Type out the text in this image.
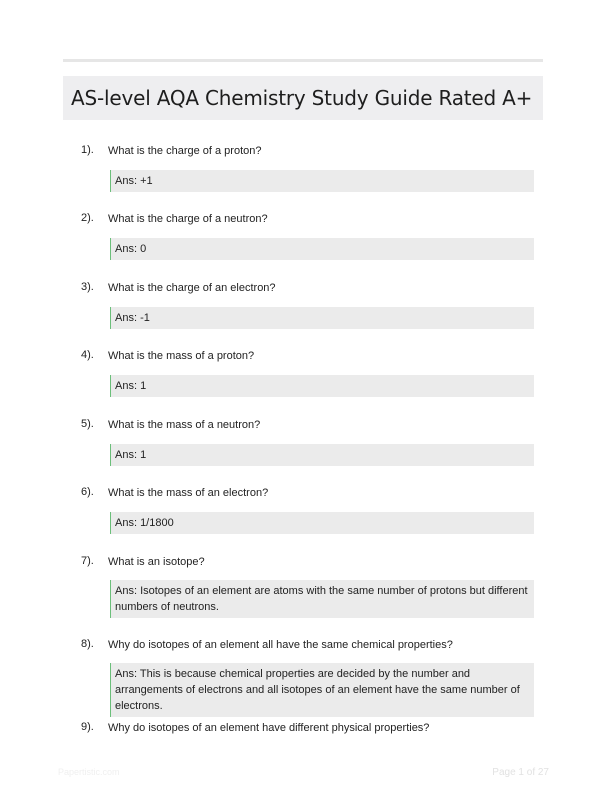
AS-level AQA Chemistry Study Guide Rated A+
1). What is the charge of a proton?
Ans: +1
2). What is the charge of a neutron?
Ans: 0
3). What is the charge of an electron?
Ans: -1
4). What is the mass of a proton?
Ans: 1
5). What is the mass of a neutron?
Ans: 1
6). What is the mass of an electron?
Ans: 1/1800
7). What is an isotope?
Ans: Isotopes of an element are atoms with the same number of protons but different numbers of neutrons.
8). Why do isotopes of an element all have the same chemical properties?
Ans: This is because chemical properties are decided by the number and arrangements of electrons and all isotopes of an element have the same number of electrons.
9). Why do isotopes of an element have different physical properties?
Papertistic.com	Page 1 of 27
